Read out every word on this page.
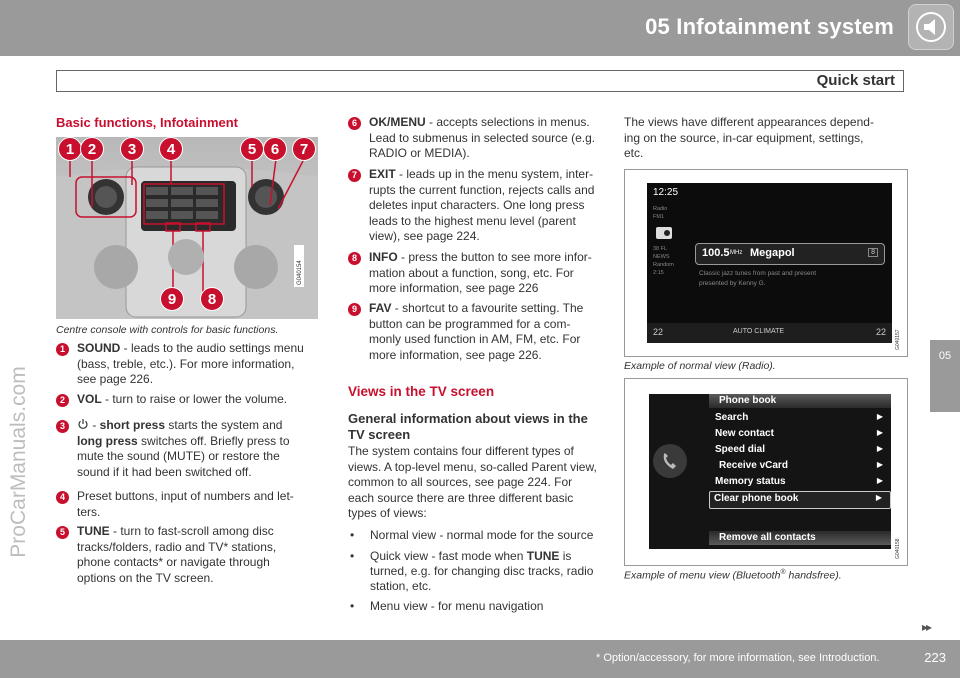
05 Infotainment system
Quick start
05
ProCarManuals.com
Basic functions, Infotainment
G040154
1 2	3	4	5 6	7
9	8
Centre console with controls for basic functions.
1	SOUND - leads to the audio settings menu
(bass, treble, etc.). For more information,
see page 226.
2	VOL - turn to raise or lower the volume.
3	- short press starts the system and
long press switches off. Briefly press to
mute the sound (MUTE) or restore the
sound if it had been switched off.
4	Preset buttons, input of numbers and let-
ters.
5	TUNE - turn to fast-scroll among disc
tracks/folders, radio and TV* stations,
phone contacts* or navigate through
options on the TV screen.
6	OK/MENU - accepts selections in menus.
Lead to submenus in selected source (e.g.
RADIO or MEDIA).
7	EXIT - leads up in the menu system, inter-
rupts the current function, rejects calls and
deletes input characters. One long press
leads to the highest menu level (parent
view), see page 224.
8	INFO - press the button to see more infor-
mation about a function, song, etc. For
more information, see page 226
9	FAV - shortcut to a favourite setting. The
button can be programmed for a com-
monly used function in AM, FM, etc. For
more information, see page 226.
Views in the TV screen
General information about views in the
TV screen
The system contains four different types of
views. A top-level menu, so-called Parent view,
common to all sources, see page 224. For
each source there are three different basic
types of views:
• Normal view - normal mode for the source
• Quick view - fast mode when TUNE is
turned, e.g. for changing disc tracks, radio
station, etc.
• Menu view - for menu navigation
The views have different appearances depend-
ing on the source, in-car equipment, settings,
etc.
12:25
Radio
FM1
38 FL
NEWS
Random
2:15
100.5 MHz Megapol	8
Classic jazz tunes from past and present
presented by Kenny G.
22	AUTO CLIMATE	22 G040157
Example of normal view (Radio).
Phone book
Search	▶
New contact	▶
Speed dial	▶
Receive vCard	▶
Memory status	▶
Clear phone book	▶
Remove all contacts
G040158
Example of menu view (Bluetooth® handsfree).
▸▸
* Option/accessory, for more information, see Introduction.	223
